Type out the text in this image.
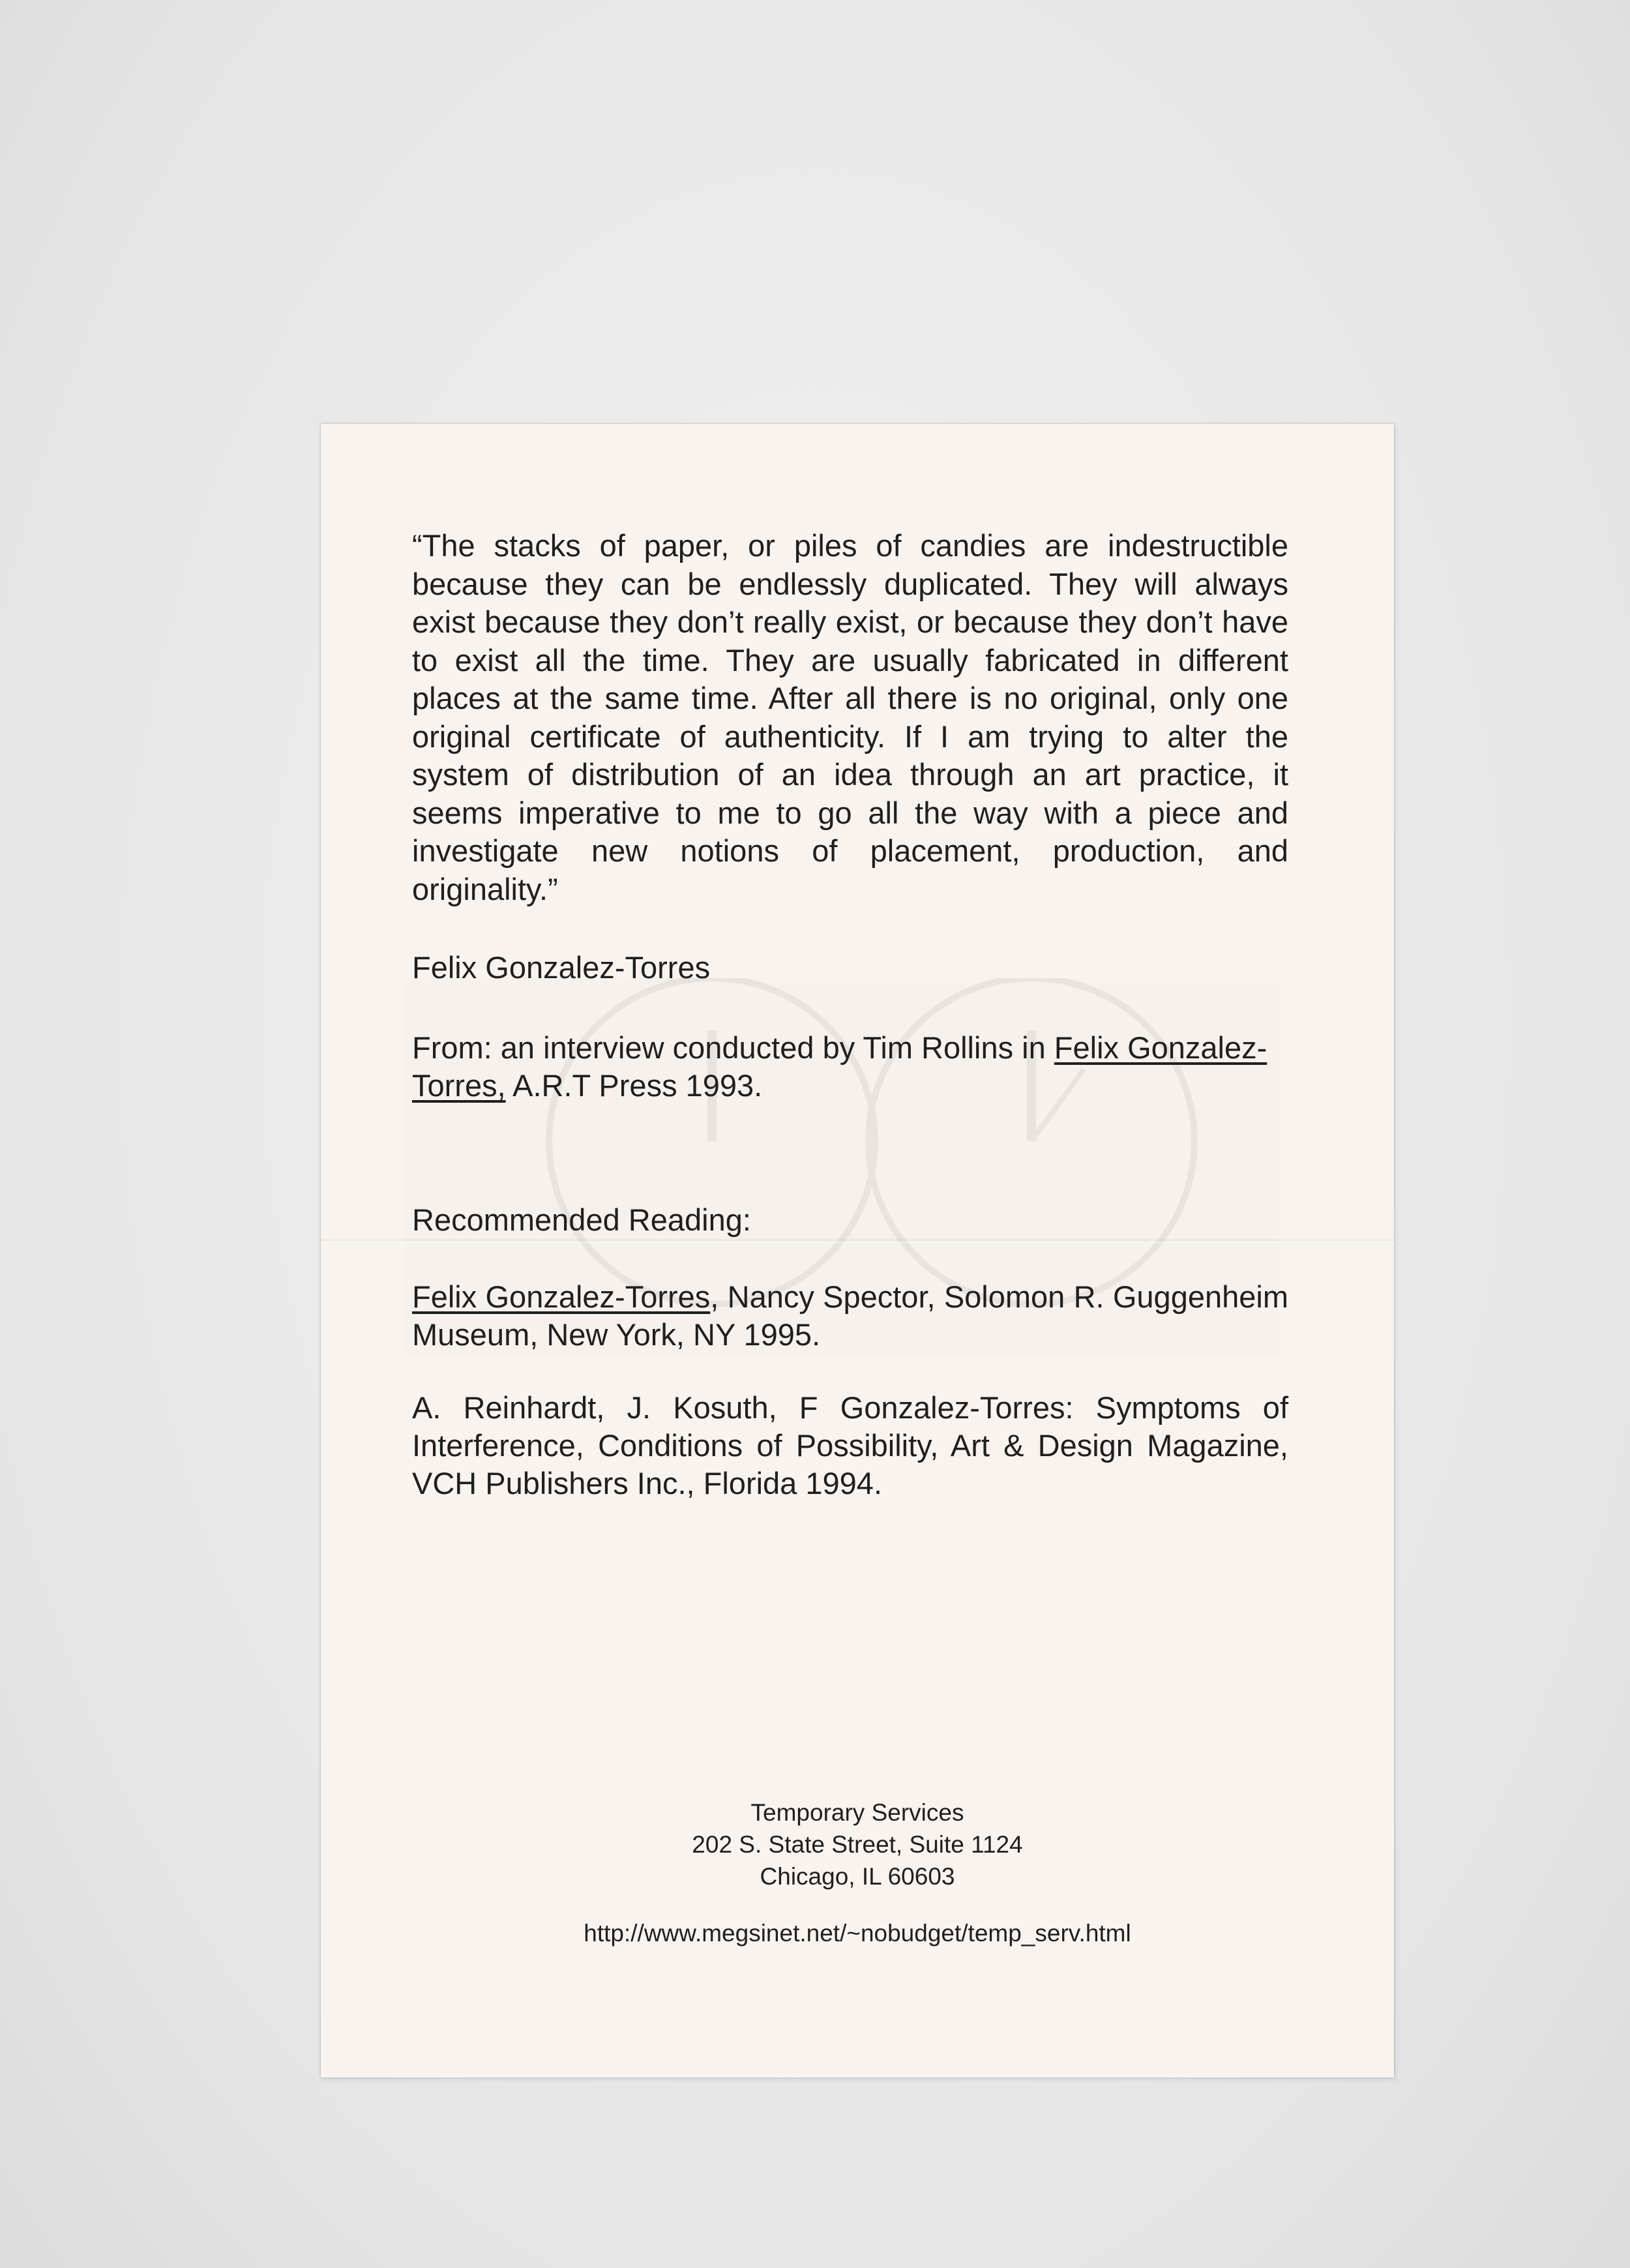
“The stacks of paper, or piles of candies are indestructible because they can be endlessly duplicated. They will always exist because they don’t really exist, or because they don’t have to exist all the time. They are usually fabricated in different places at the same time. After all there is no original, only one original certificate of authenticity. If I am trying to alter the system of distribution of an idea through an art practice, it seems imperative to me to go all the way with a piece and investigate new notions of placement, production, and originality.”

Felix Gonzalez-Torres

From: an interview conducted by Tim Rollins in Felix Gonzalez-Torres, A.R.T Press 1993.

Recommended Reading:

Felix Gonzalez-Torres, Nancy Spector, Solomon R. Guggenheim Museum, New York, NY 1995.

A. Reinhardt, J. Kosuth, F Gonzalez-Torres: Symptoms of Interference, Conditions of Possibility, Art & Design Magazine, VCH Publishers Inc., Florida 1994.

Temporary Services
202 S. State Street, Suite 1124
Chicago, IL 60603
http://www.megsinet.net/~nobudget/temp_serv.html
